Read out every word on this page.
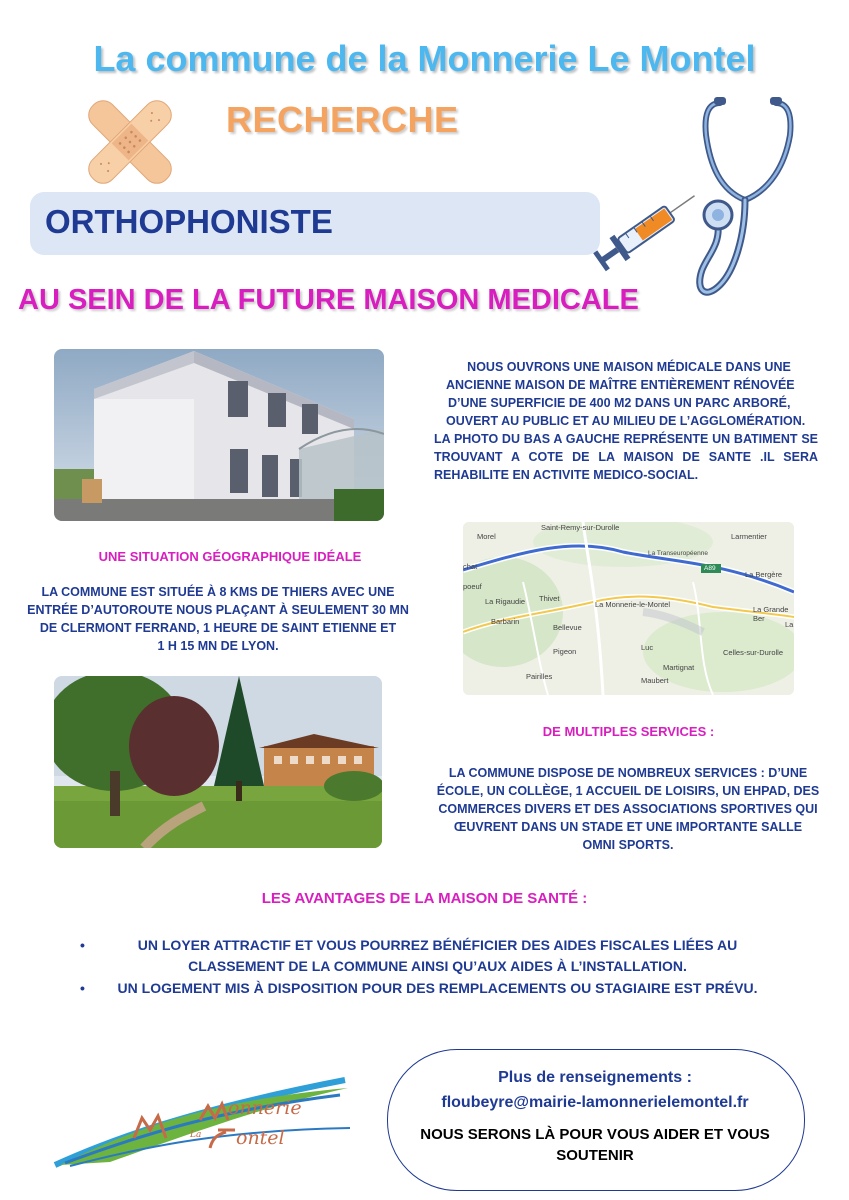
La commune de la Monnerie Le Montel
RECHERCHE
ORTHOPHONISTE
AU SEIN DE LA FUTURE MAISON MEDICALE
NOUS OUVRONS UNE MAISON MÉDICALE DANS UNE
ANCIENNE MAISON DE MAÎTRE ENTIÈREMENT RÉNOVÉE
D’UNE SUPERFICIE DE 400 M2 DANS UN PARC ARBORÉ,
OUVERT AU PUBLIC ET AU MILIEU DE L’AGGLOMÉRATION.
LA PHOTO DU BAS A GAUCHE REPRÉSENTE UN BATIMENT SE
TROUVANT A COTE DE LA MAISON DE SANTE .IL SERA
REHABILITE EN ACTIVITE MEDICO-SOCIAL.
UNE SITUATION GÉOGRAPHIQUE IDÉALE
LA COMMUNE EST SITUÉE À 8 KMS DE THIERS AVEC UNE
ENTRÉE D’AUTOROUTE NOUS PLAÇANT À SEULEMENT 30 MN
DE CLERMONT FERRAND, 1 HEURE DE SAINT ETIENNE ET
1 H 15 MN DE LYON.
Saint-Remy-sur-Durolle
Larmentier
Morel
chat
La Transeuropéenne
A89
La Bergère
poeuf
La Rigaudie Thivet
La Monnerie-le-Montel
La Grande Ber
Barbarin
Bellevue	La
Luc
Pigeon
Martignat
Celles-sur-Durolle
Pairilles	Maubert
DE MULTIPLES SERVICES :
LA COMMUNE DISPOSE DE NOMBREUX SERVICES : D’UNE
ÉCOLE, UN COLLÈGE, 1 ACCUEIL DE LOISIRS, UN EHPAD, DES
COMMERCES DIVERS ET DES ASSOCIATIONS SPORTIVES QUI
ŒUVRENT DANS UN STADE ET UNE IMPORTANTE SALLE
OMNI SPORTS.
LES AVANTAGES DE LA MAISON DE SANTÉ :
•	UN LOYER ATTRACTIF ET VOUS POURREZ BÉNÉFICIER DES AIDES FISCALES LIÉES AU CLASSEMENT DE LA COMMUNE AINSI QU’AUX AIDES À L’INSTALLATION.
•	UN LOGEMENT MIS À DISPOSITION POUR DES REMPLACEMENTS OU STAGIAIRE EST PRÉVU.
onnerie
La ontel
Plus de renseignements :
floubeyre@mairie-lamonnerielemontel.fr
NOUS SERONS LÀ POUR VOUS AIDER ET VOUS
SOUTENIR
